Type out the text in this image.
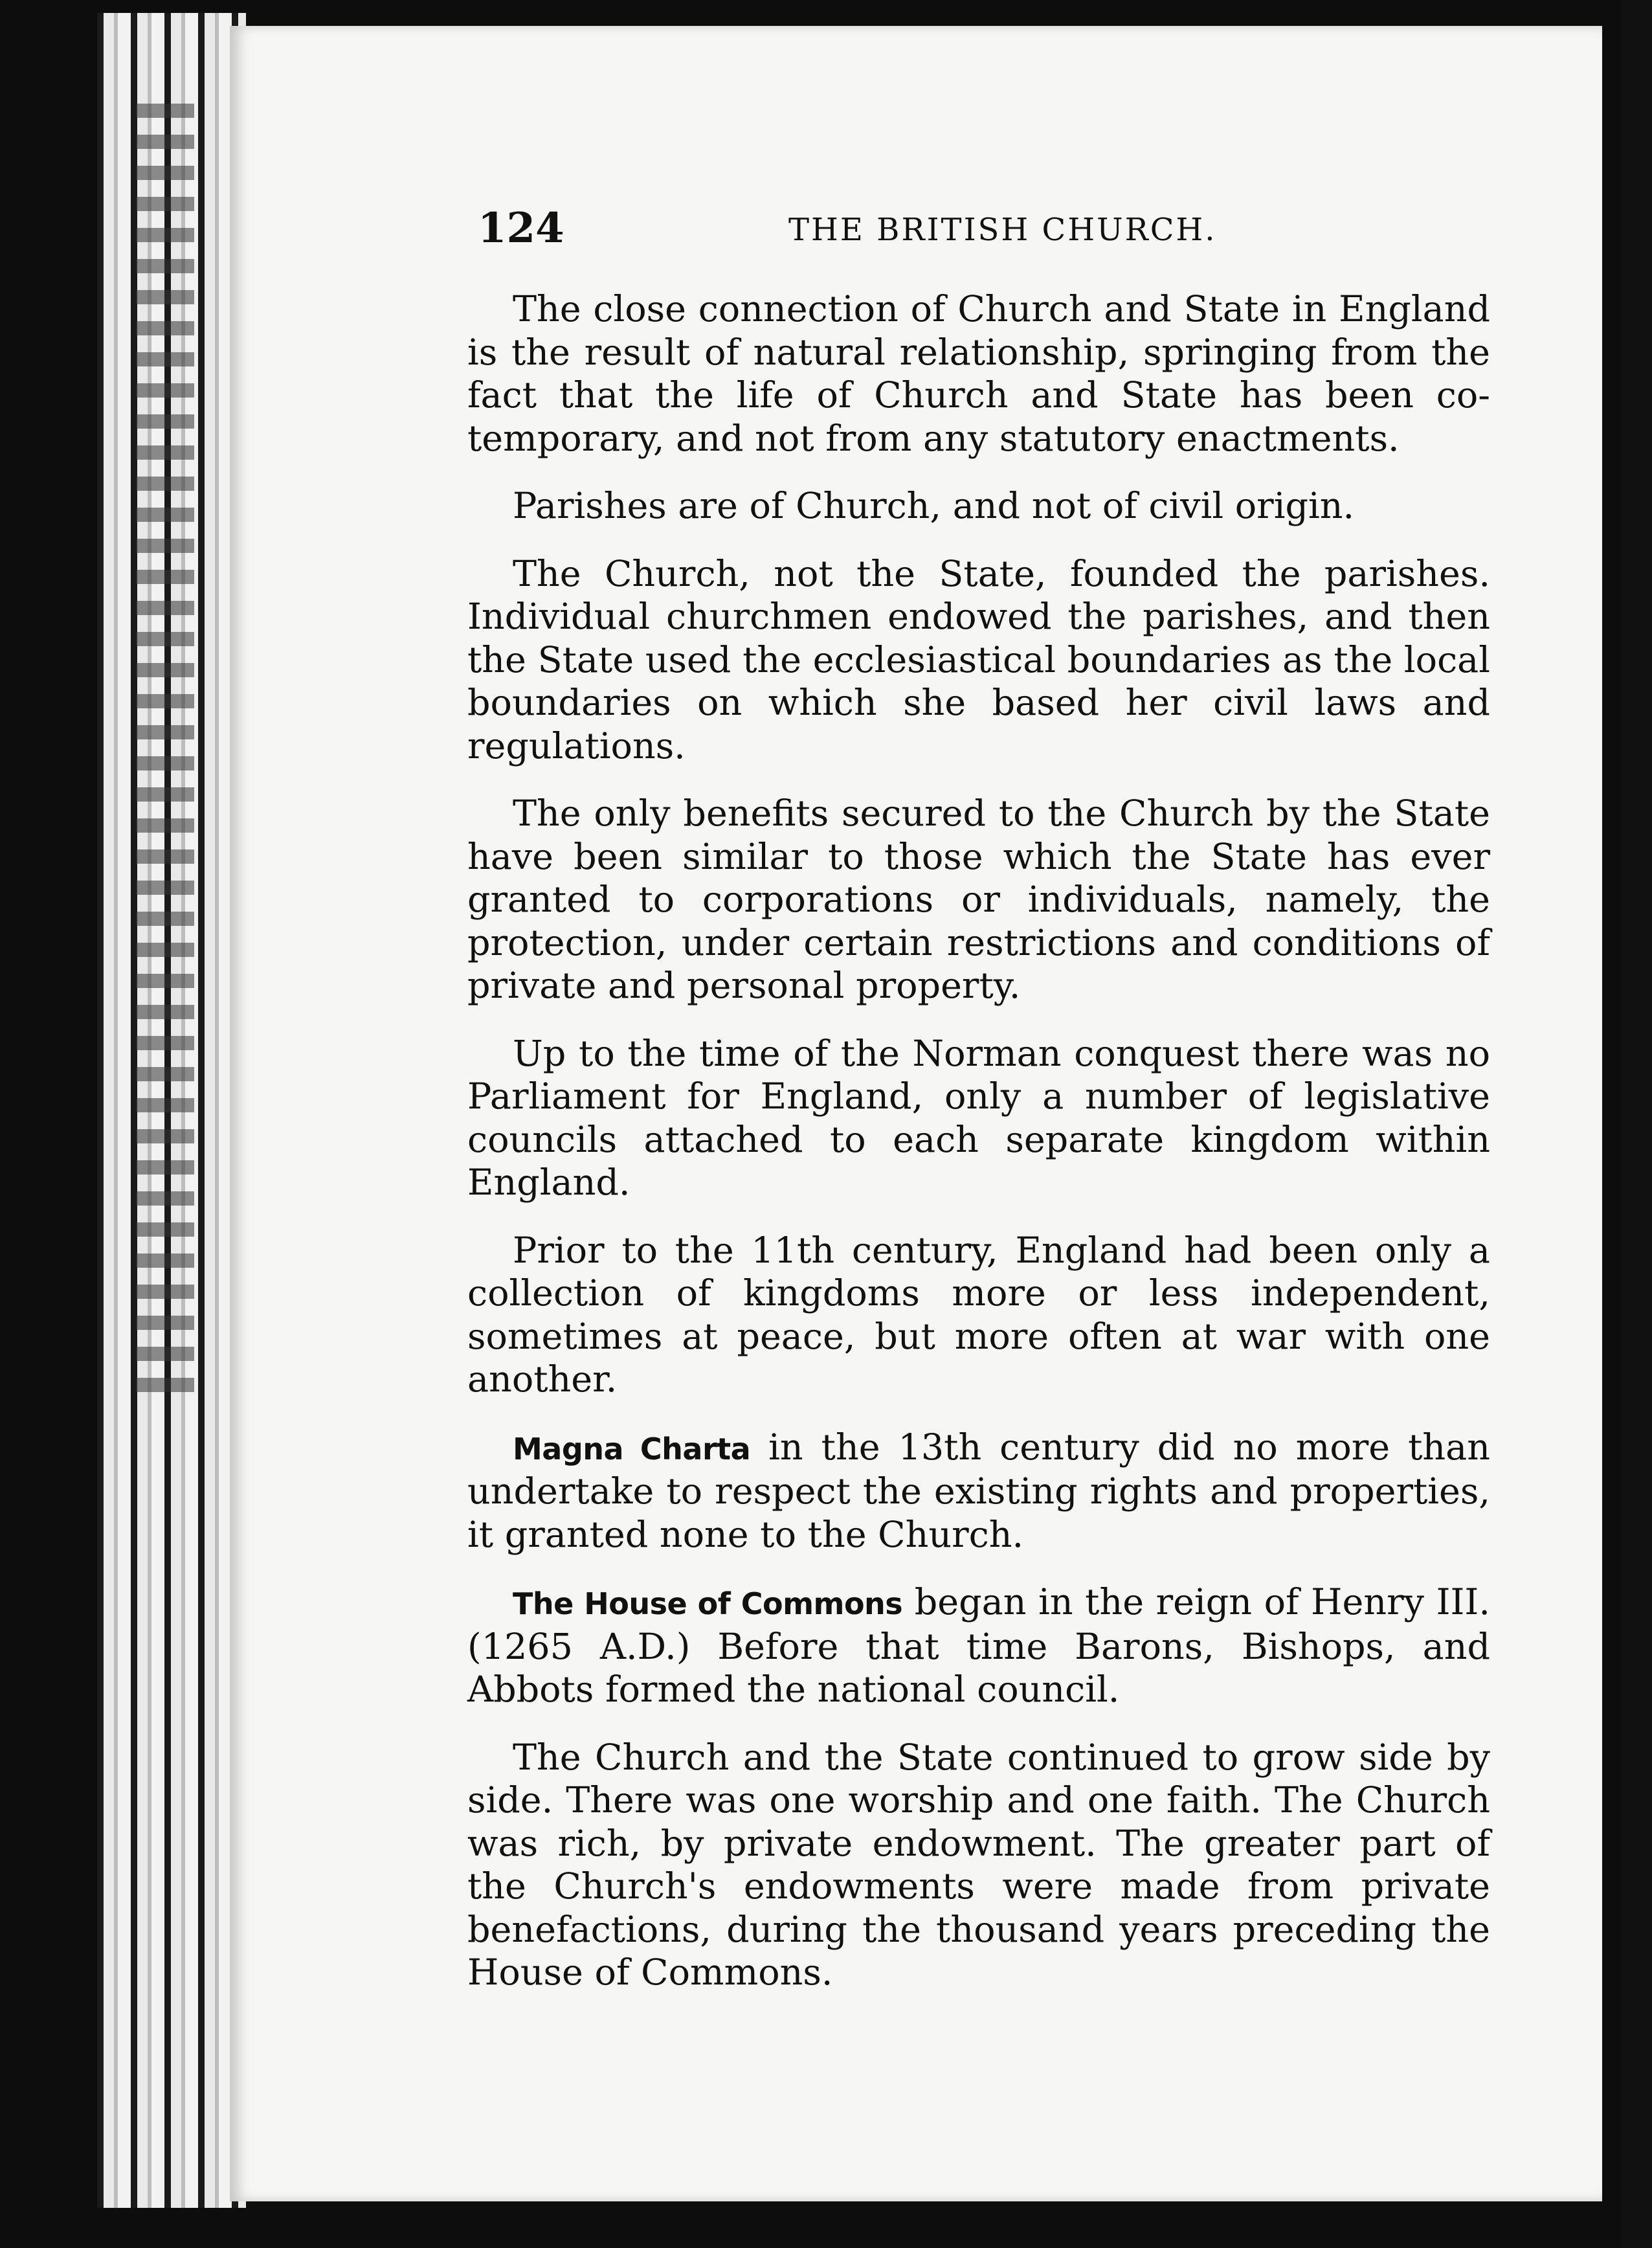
124	THE BRITISH CHURCH.

The close connection of Church and State in England is the result of natural relationship, springing from the fact that the life of Church and State has been co-temporary, and not from any statutory enactments.

Parishes are of Church, and not of civil origin.

The Church, not the State, founded the parishes. Individual churchmen endowed the parishes, and then the State used the ecclesiastical boundaries as the local boundaries on which she based her civil laws and regulations.

The only benefits secured to the Church by the State have been similar to those which the State has ever granted to corporations or individuals, namely, the protection, under certain restrictions and conditions of private and personal property.

Up to the time of the Norman conquest there was no Parliament for England, only a number of legislative councils attached to each separate kingdom within England.

Prior to the 11th century, England had been only a collection of kingdoms more or less independent, sometimes at peace, but more often at war with one another.

Magna Charta in the 13th century did no more than undertake to respect the existing rights and properties, it granted none to the Church.

The House of Commons began in the reign of Henry III. (1265 A.D.) Before that time Barons, Bishops, and Abbots formed the national council.

The Church and the State continued to grow side by side. There was one worship and one faith. The Church was rich, by private endowment. The greater part of the Church's endowments were made from private benefactions, during the thousand years preceding the House of Commons.
